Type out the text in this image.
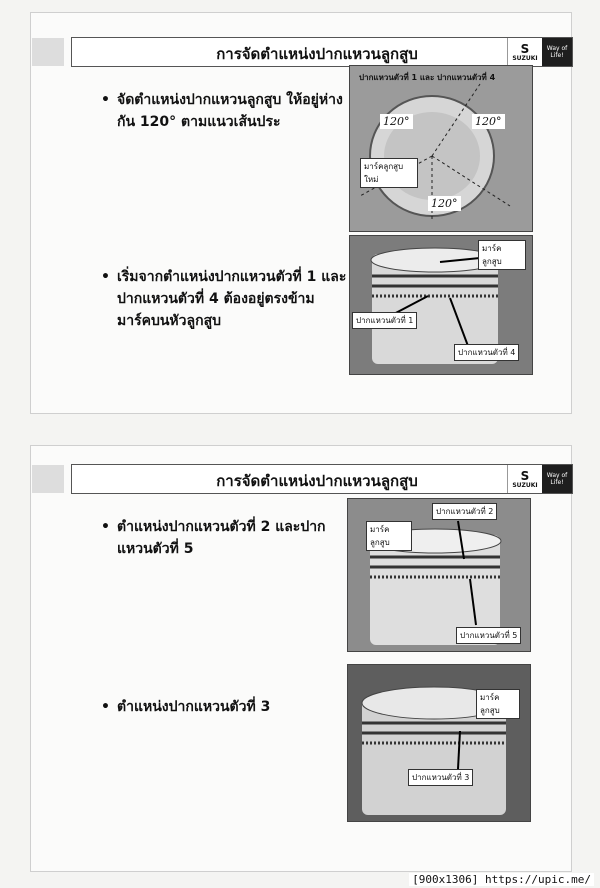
การจัดตำแหน่งปากแหวนลูกสูบ	S
SUZUKI
Way of Life!
• จัดตำแหน่งปากแหวนลูกสูบ ให้อยู่ห่างกัน 120° ตามแนวเส้นประ
• เริ่มจากตำแหน่งปากแหวนตัวที่ 1 และปากแหวนตัวที่ 4 ต้องอยู่ตรงข้ามมาร์คบนหัวลูกสูบ
ปากแหวนตัวที่ 1 และ ปากแหวนตัวที่ 4
120°	120°
120°
มาร์คลูกสูบ ใหม่
มาร์ค ลูกสูบ
ปากแหวนตัวที่ 1
ปากแหวนตัวที่ 4
การจัดตำแหน่งปากแหวนลูกสูบ	S
SUZUKI
Way of Life!
• ตำแหน่งปากแหวนตัวที่ 2 และปากแหวนตัวที่ 5
• ตำแหน่งปากแหวนตัวที่ 3
มาร์ค ลูกสูบ
ปากแหวนตัวที่ 2
ปากแหวนตัวที่ 5
มาร์ค ลูกสูบ
ปากแหวนตัวที่ 3
[900x1306] https://upic.me/
